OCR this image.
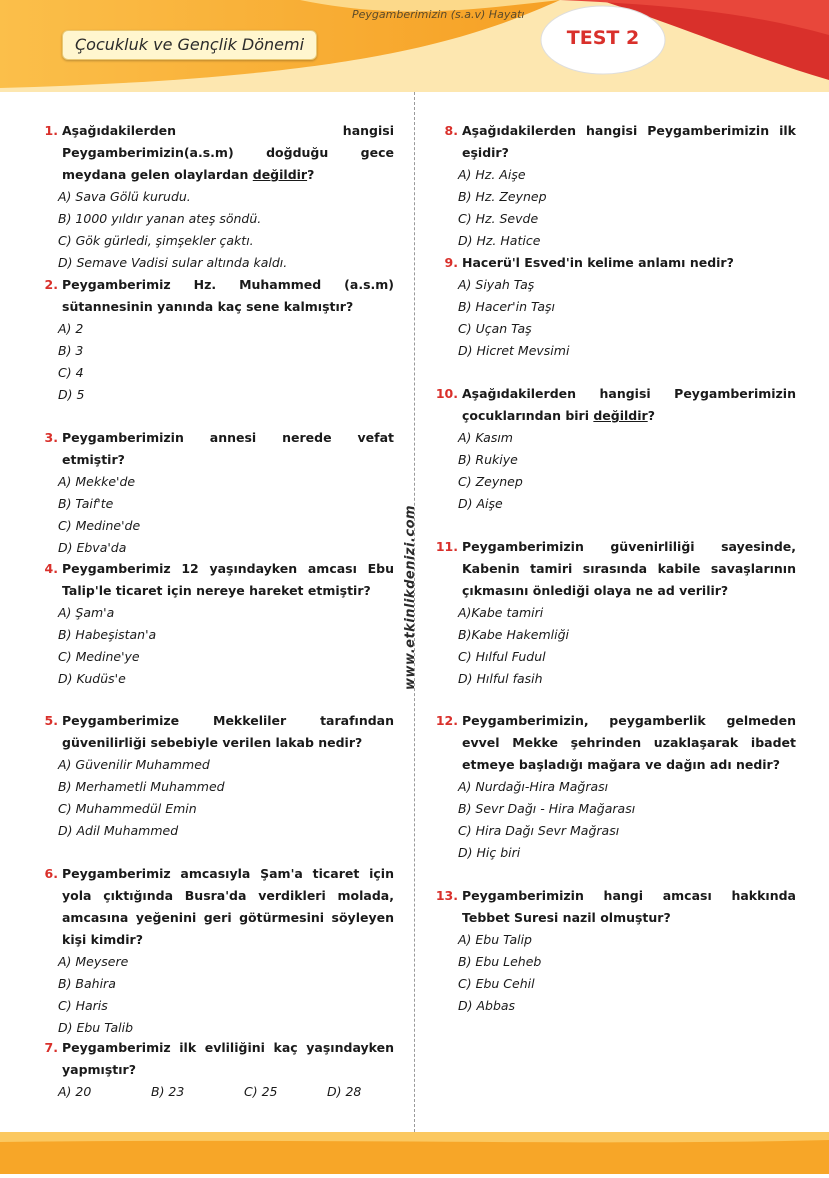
Çocukluk ve Gençlik Dönemi
Peygamberimizin (s.a.v) Hayatı
TEST 2
www.etkinlikdenizi.com
1. Aşağıdakilerden hangisi Peygamberimizin(a.s.m) doğduğu gece meydana gelen olaylardan değildir?
A) Sava Gölü kurudu.
B) 1000 yıldır yanan ateş söndü.
C) Gök gürledi, şimşekler çaktı.
D) Semave Vadisi sular altında kaldı.
2. Peygamberimiz Hz. Muhammed (a.s.m) sütannesinin yanında kaç sene kalmıştır?
A) 2
B) 3
C) 4
D) 5
3. Peygamberimizin annesi nerede vefat etmiştir?
A) Mekke'de
B) Taif'te
C) Medine'de
D) Ebva'da
4. Peygamberimiz 12 yaşındayken amcası Ebu Talip'le ticaret için nereye hareket etmiştir?
A) Şam'a
B) Habeşistan'a
C) Medine'ye
D) Kudüs'e
5. Peygamberimize Mekkeliler tarafından güvenilirliği sebebiyle verilen lakab nedir?
A) Güvenilir Muhammed
B) Merhametli Muhammed
C) Muhammedül Emin
D) Adil Muhammed
6. Peygamberimiz amcasıyla Şam'a ticaret için yola çıktığında Busra'da verdikleri molada, amcasına yeğenini geri götürmesini söyleyen kişi kimdir?
A) Meysere
B) Bahira
C) Haris
D) Ebu Talib
7. Peygamberimiz ilk evliliğini kaç yaşındayken yapmıştır?
A) 20	B) 23	C) 25	D) 28
8. Aşağıdakilerden hangisi Peygamberimizin ilk eşidir?
A) Hz. Aişe
B) Hz. Zeynep
C) Hz. Sevde
D) Hz. Hatice
9. Hacerü'l Esved'in kelime anlamı nedir?
A) Siyah Taş
B) Hacer'in Taşı
C) Uçan Taş
D) Hicret Mevsimi
10. Aşağıdakilerden hangisi Peygamberimizin çocuklarından biri değildir?
A) Kasım
B) Rukiye
C) Zeynep
D) Aişe
11. Peygamberimizin güvenirliliği sayesinde, Kabenin tamiri sırasında kabile savaşlarının çıkmasını önlediği olaya ne ad verilir?
A)Kabe tamiri
B)Kabe Hakemliği
C) Hılful Fudul
D) Hılful fasih
12. Peygamberimizin, peygamberlik gelmeden evvel Mekke şehrinden uzaklaşarak ibadet etmeye başladığı mağara ve dağın adı nedir?
A) Nurdağı-Hira Mağrası
B) Sevr Dağı - Hira Mağarası
C) Hira Dağı Sevr Mağrası
D) Hiç biri
13. Peygamberimizin hangi amcası hakkında Tebbet Suresi nazil olmuştur?
A) Ebu Talip
B) Ebu Leheb
C) Ebu Cehil
D) Abbas
